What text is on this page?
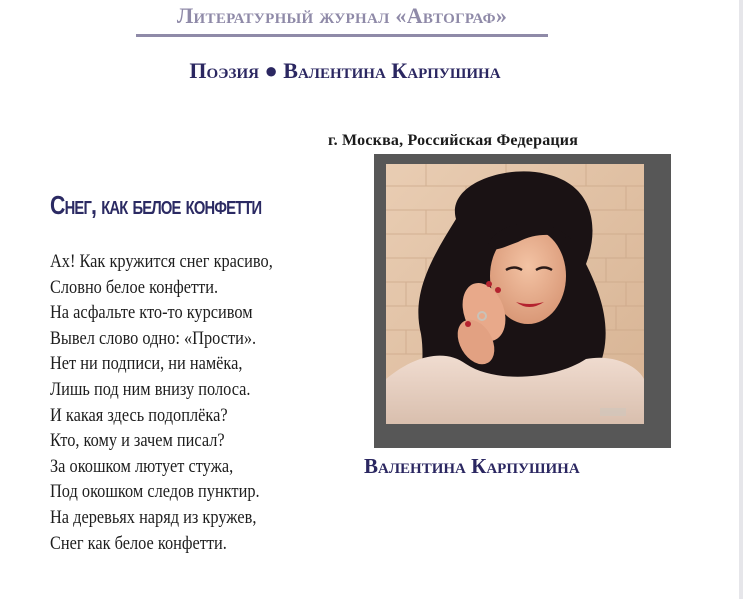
Литературный журнал «Автограф»
Поэзия ● Валентина Карпушина
г. Москва, Российская Федерация
Снег, как белое конфетти
Ах! Как кружится снег красиво,
Словно белое конфетти.
На асфальте кто-то курсивом
Вывел слово одно: «Прости».
Нет ни подписи, ни намёка,
Лишь под ним внизу полоса.
И какая здесь подоплёка?
Кто, кому и зачем писал?
За окошком лютует стужа,
Под окошком следов пунктир.
На деревьях наряд из кружев,
Снег как белое конфетти.
Валентина Карпушина
